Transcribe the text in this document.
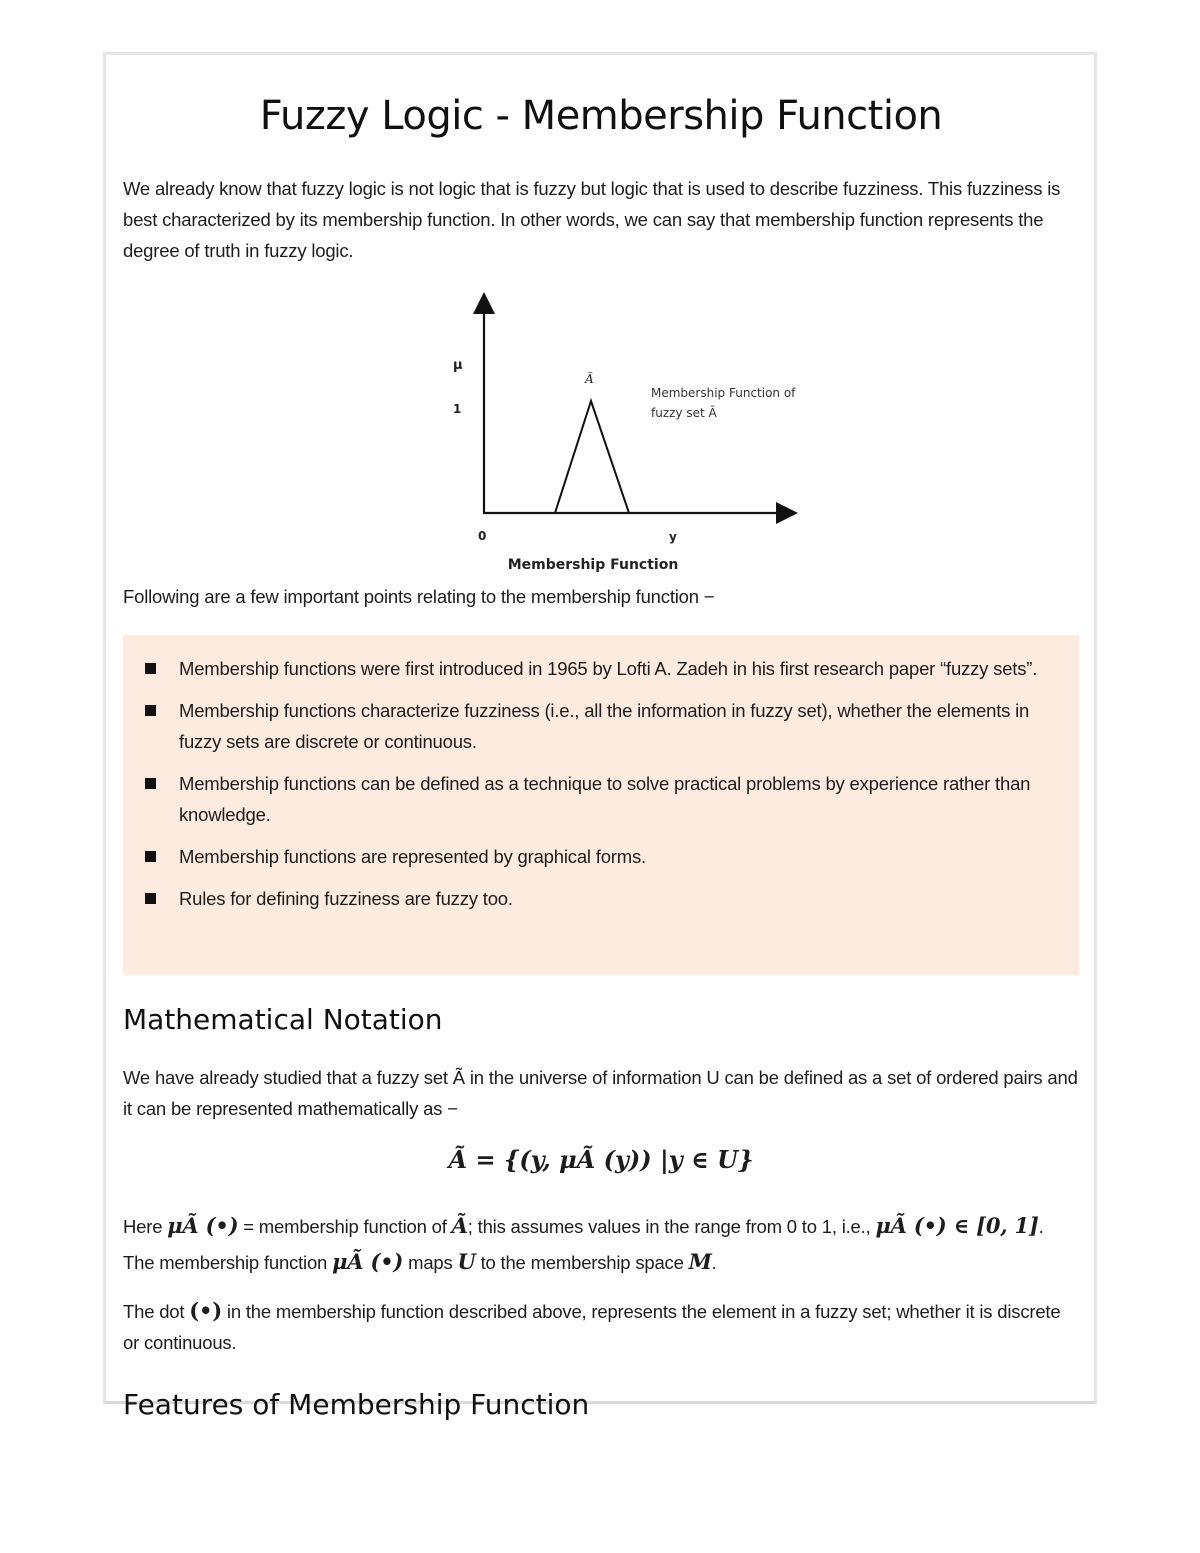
Fuzzy Logic - Membership Function

We already know that fuzzy logic is not logic that is fuzzy but logic that is used to describe fuzziness. This fuzziness is best characterized by its membership function. In other words, we can say that membership function represents the degree of truth in fuzzy logic.

μ
1
0	y
Ã
Membership Function of
fuzzy set Ã
Membership Function

Following are a few important points relating to the membership function −

Membership functions were first introduced in 1965 by Lofti A. Zadeh in his first research paper “fuzzy sets”.
Membership functions characterize fuzziness (i.e., all the information in fuzzy set), whether the elements in fuzzy sets are discrete or continuous.
Membership functions can be defined as a technique to solve practical problems by experience rather than knowledge.
Membership functions are represented by graphical forms.
Rules for defining fuzziness are fuzzy too.
Mathematical Notation

We have already studied that a fuzzy set Ã in the universe of information U can be defined as a set of ordered pairs and it can be represented mathematically as −

Ã = {(y, μÃ (y)) |y ∈ U}

Here μÃ (•) = membership function of Ã; this assumes values in the range from 0 to 1, i.e., μÃ (•) ∈ [0, 1]. The membership function μÃ (•) maps U to the membership space M.

The dot (•) in the membership function described above, represents the element in a fuzzy set; whether it is discrete or continuous.

Features of Membership Function
